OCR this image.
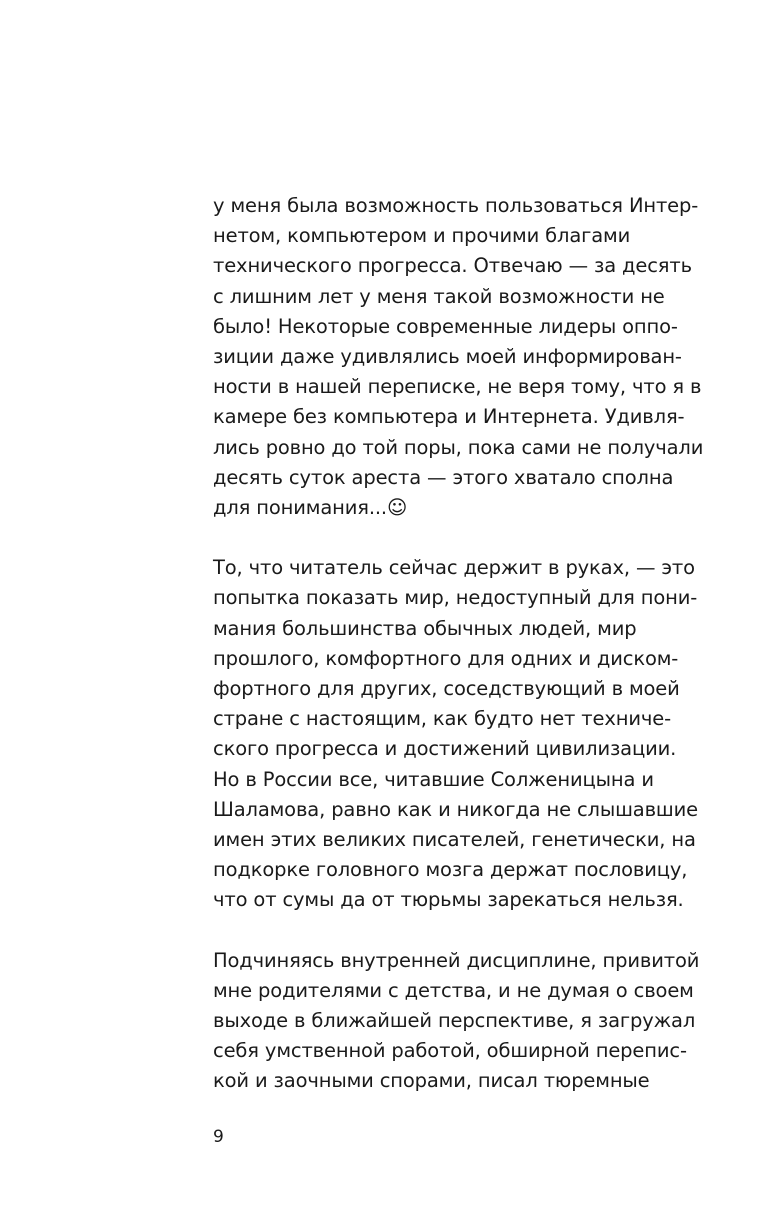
у меня была возможность пользоваться Интер-
нетом, компьютером и прочими благами
технического прогресса. Отвечаю — за десять
с лишним лет у меня такой возможности не
было! Некоторые современные лидеры оппо-
зиции даже удивлялись моей информирован-
ности в нашей переписке, не веря тому, что я в
камере без компьютера и Интернета. Удивля-
лись ровно до той поры, пока сами не получали
десять суток ареста — этого хватало сполна
для понимания...☺

То, что читатель сейчас держит в руках, — это
попытка показать мир, недоступный для пони-
мания большинства обычных людей, мир
прошлого, комфортного для одних и диском-
фортного для других, соседствующий в моей
стране с настоящим, как будто нет техниче-
ского прогресса и достижений цивилизации.
Но в России все, читавшие Солженицына и
Шаламова, равно как и никогда не слышавшие
имен этих великих писателей, генетически, на
подкорке головного мозга держат пословицу,
что от сумы да от тюрьмы зарекаться нельзя.

Подчиняясь внутренней дисциплине, привитой
мне родителями с детства, и не думая о своем
выходе в ближайшей перспективе, я загружал
себя умственной работой, обширной перепис-
кой и заочными спорами, писал тюремные

9
